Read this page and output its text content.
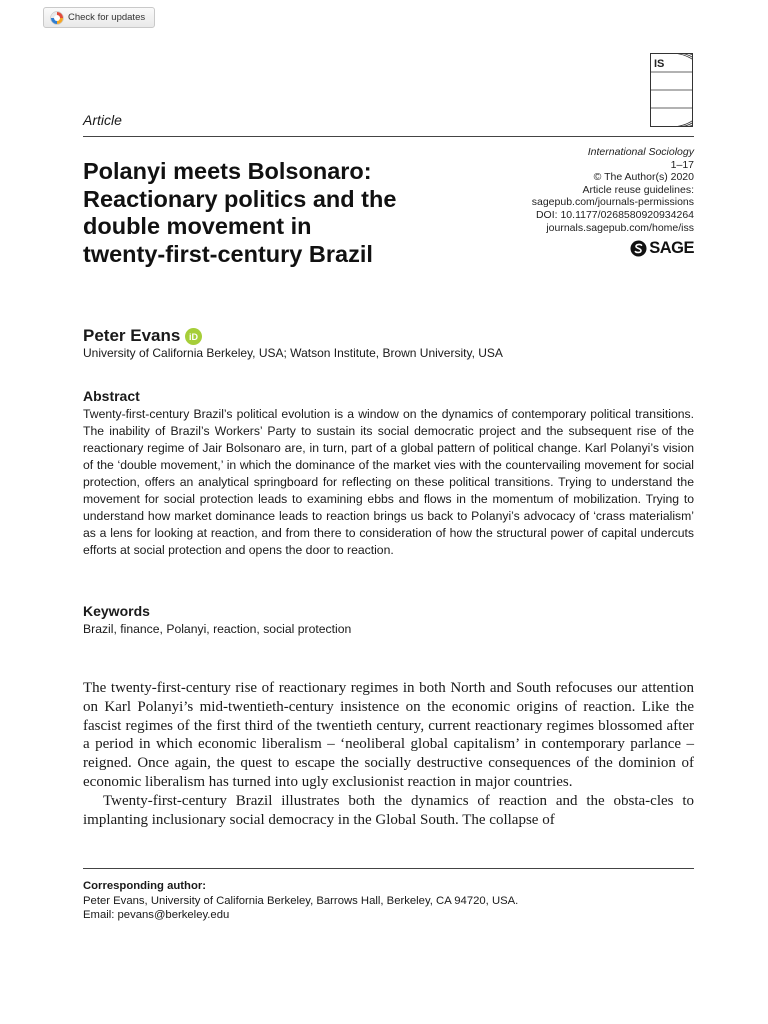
Check for updates
IS
Article
Polanyi meets Bolsonaro:
Reactionary politics and the
double movement in
twenty-first-century Brazil
International Sociology
1–17
© The Author(s) 2020
Article reuse guidelines:
sagepub.com/journals-permissions
DOI: 10.1177/0268580920934264
journals.sagepub.com/home/iss
SAGE
Peter Evans iD
University of California Berkeley, USA; Watson Institute, Brown University, USA
Abstract

Twenty-first-century Brazil’s political evolution is a window on the dynamics of contemporary political transitions. The inability of Brazil’s Workers’ Party to sustain its social democratic project and the subsequent rise of the reactionary regime of Jair Bolsonaro are, in turn, part of a global pattern of political change. Karl Polanyi’s vision of the ‘double movement,’ in which the dominance of the market vies with the countervailing movement for social protection, offers an analytical springboard for reflecting on these political transitions. Trying to understand the movement for social protection leads to examining ebbs and flows in the momentum of mobilization. Trying to understand how market dominance leads to reaction brings us back to Polanyi’s advocacy of ‘crass materialism’ as a lens for looking at reaction, and from there to consideration of how the structural power of capital undercuts efforts at social protection and opens the door to reaction.

Keywords
Brazil, finance, Polanyi, reaction, social protection

The twenty-first-century rise of reactionary regimes in both North and South refocuses our attention on Karl Polanyi’s mid-twentieth-century insistence on the economic origins of reaction. Like the fascist regimes of the first third of the twentieth century, current reactionary regimes blossomed after a period in which economic liberalism – ‘neoliberal global capitalism’ in contemporary parlance – reigned. Once again, the quest to escape the socially destructive consequences of the dominion of economic liberalism has turned into ugly exclusionist reaction in major countries.

Twenty-first-century Brazil illustrates both the dynamics of reaction and the obsta-cles to implanting inclusionary social democracy in the Global South. The collapse of

Corresponding author:
Peter Evans, University of California Berkeley, Barrows Hall, Berkeley, CA 94720, USA.
Email: pevans@berkeley.edu
